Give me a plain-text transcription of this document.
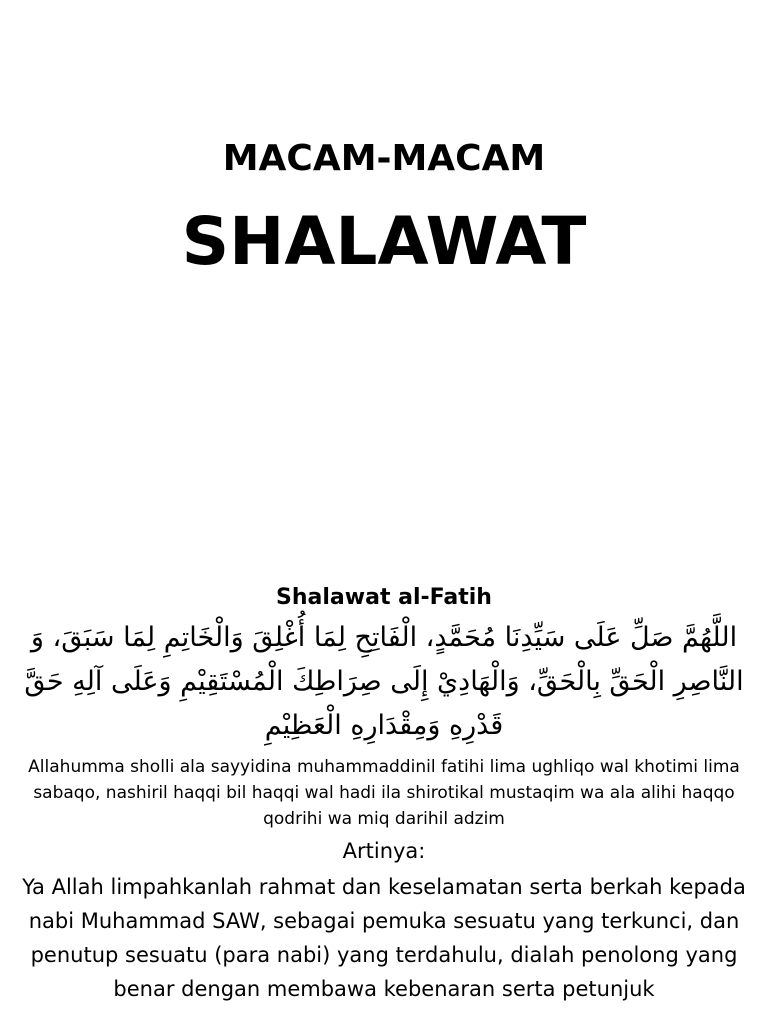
MACAM-MACAM
SHALAWAT

Shalawat al-Fatih

اللَّهُمَّ صَلِّ عَلَى سَيِّدِنَا مُحَمَّدٍ، الْفَاتِحِ لِمَا أُغْلِقَ وَالْخَاتِمِ لِمَا سَبَقَ، وَ النَّاصِرِ الْحَقِّ بِالْحَقِّ، وَالْهَادِيْ إِلَى صِرَاطِكَ الْمُسْتَقِيْمِ وَعَلَى آلِهِ حَقَّ قَدْرِهِ وَمِقْدَارِهِ الْعَظِيْمِ

Allahumma sholli ala sayyidina muhammaddinil fatihi lima ughliqo wal khotimi lima sabaqo, nashiril haqqi bil haqqi wal hadi ila shirotikal mustaqim wa ala alihi haqqo qodrihi wa miq darihil adzim

Artinya:

Ya Allah limpahkanlah rahmat dan keselamatan serta berkah kepada nabi Muhammad SAW, sebagai pemuka sesuatu yang terkunci, dan penutup sesuatu (para nabi) yang terdahulu, dialah penolong yang benar dengan membawa kebenaran serta petunjuk
